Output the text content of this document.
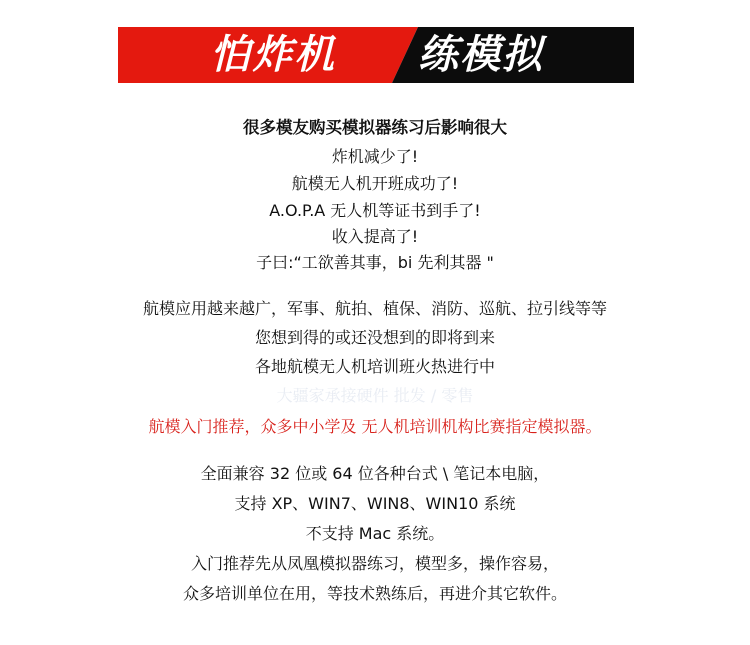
怕炸机 练模拟
很多模友购买模拟器练习后影响很大
炸机减少了!
航模无人机开班成功了!
A.O.P.A 无人机等证书到手了!
收入提高了!
子曰:“工欲善其事，bi 先利其器 "
航模应用越来越广，军事、航拍、植保、消防、巡航、拉引线等等
您想到得的或还没想到的即将到来
各地航模无人机培训班火热进行中
大疆家承接硬件 批发 / 零售
航模入门推荐，众多中小学及 无人机培训机构比赛指定模拟器。
全面兼容 32 位或 64 位各种台式 \ 笔记本电脑，
支持 XP、WIN7、WIN8、WIN10 系统
不支持 Mac 系统。
入门推荐先从凤凰模拟器练习，模型多，操作容易，
众多培训单位在用，等技术熟练后，再进介其它软件。
